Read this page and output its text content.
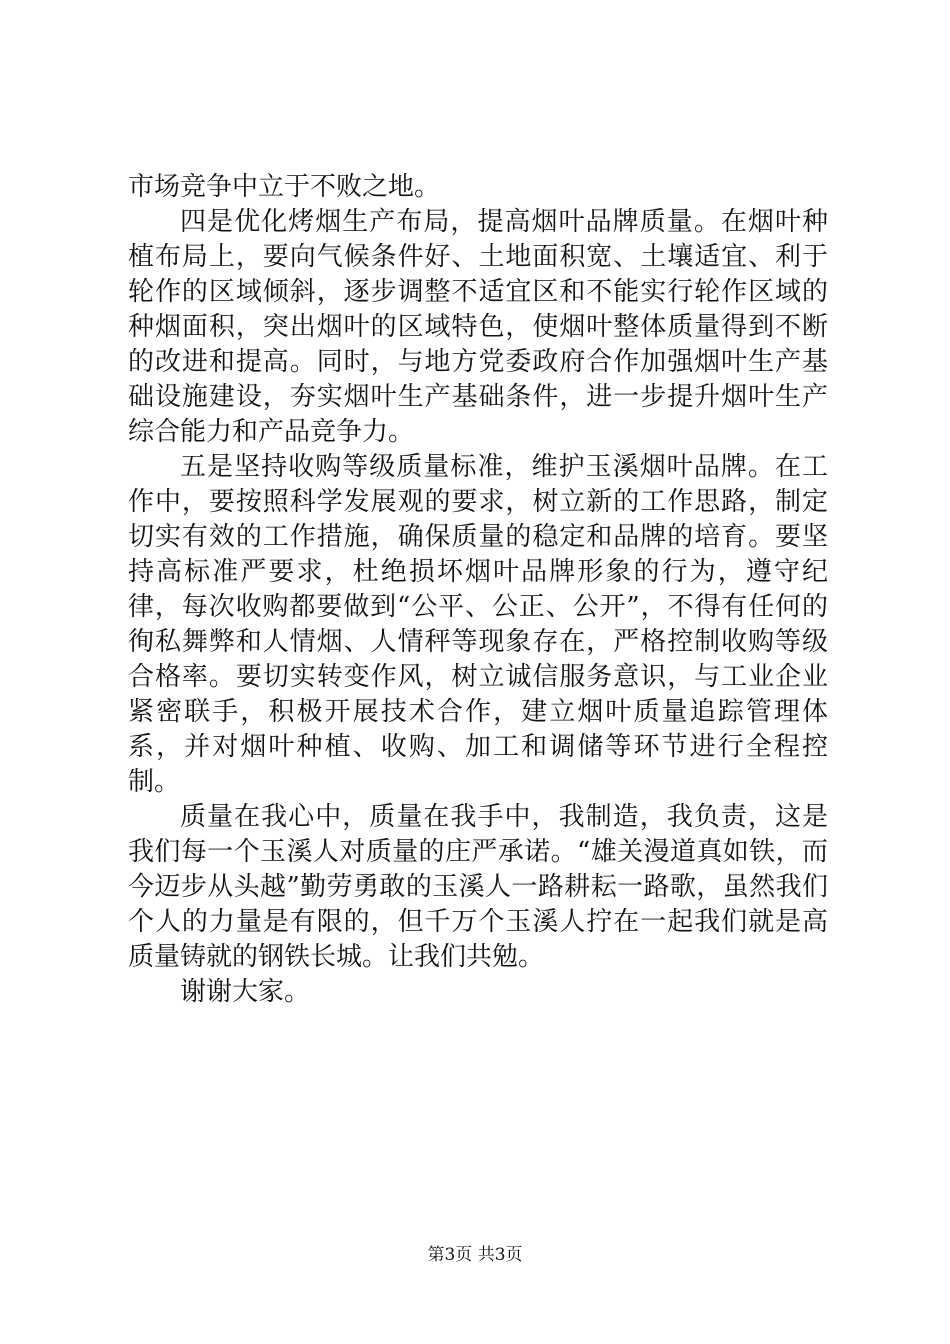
市场竞争中立于不败之地。

四是优化烤烟生产布局，提高烟叶品牌质量。在烟叶种植布局上，要向气候条件好、土地面积宽、土壤适宜、利于轮作的区域倾斜，逐步调整不适宜区和不能实行轮作区域的种烟面积，突出烟叶的区域特色，使烟叶整体质量得到不断的改进和提高。同时，与地方党委政府合作加强烟叶生产基础设施建设，夯实烟叶生产基础条件，进一步提升烟叶生产综合能力和产品竞争力。

五是坚持收购等级质量标准，维护玉溪烟叶品牌。在工作中，要按照科学发展观的要求，树立新的工作思路，制定切实有效的工作措施，确保质量的稳定和品牌的培育。要坚持高标准严要求，杜绝损坏烟叶品牌形象的行为，遵守纪律，每次收购都要做到“公平、公正、公开”，不得有任何的徇私舞弊和人情烟、人情秤等现象存在，严格控制收购等级合格率。要切实转变作风，树立诚信服务意识，与工业企业紧密联手，积极开展技术合作，建立烟叶质量追踪管理体系，并对烟叶种植、收购、加工和调储等环节进行全程控制。

质量在我心中，质量在我手中，我制造，我负责，这是我们每一个玉溪人对质量的庄严承诺。“雄关漫道真如铁，而今迈步从头越”勤劳勇敢的玉溪人一路耕耘一路歌，虽然我们个人的力量是有限的，但千万个玉溪人拧在一起我们就是高质量铸就的钢铁长城。让我们共勉。

谢谢大家。

第3页 共3页
